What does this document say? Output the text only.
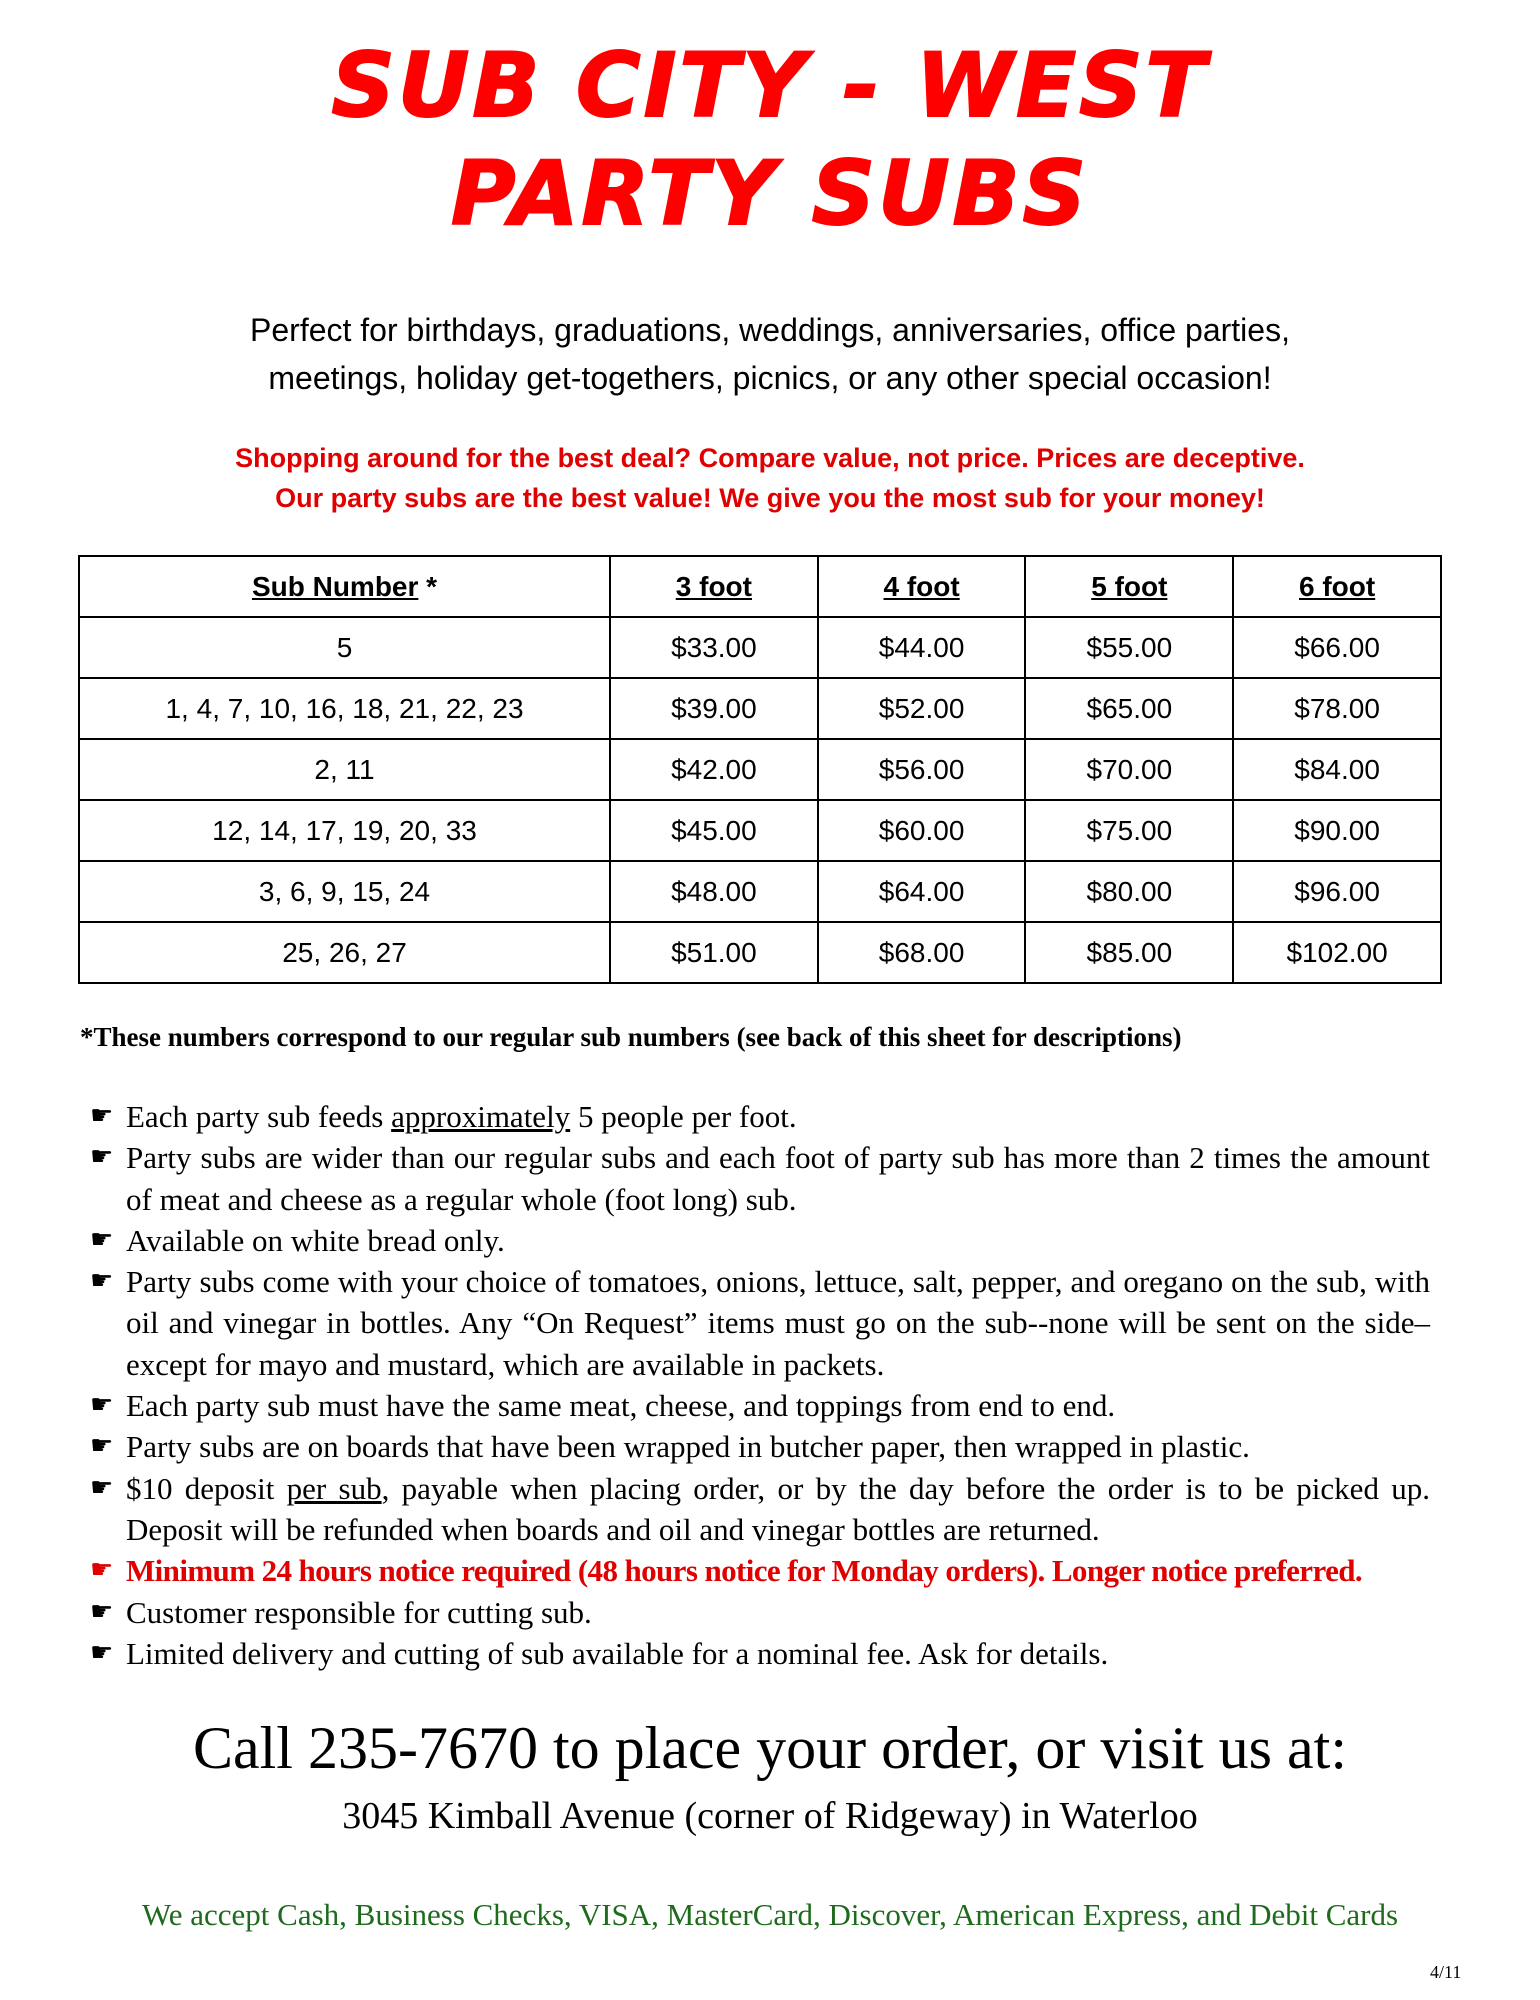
SUB CITY - WEST
PARTY SUBS
Perfect for birthdays, graduations, weddings, anniversaries, office parties,
meetings, holiday get-togethers, picnics, or any other special occasion!
Shopping around for the best deal? Compare value, not price. Prices are deceptive.
Our party subs are the best value! We give you the most sub for your money!
Sub Number *	3 foot	4 foot	5 foot	6 foot
5	$33.00	$44.00	$55.00	$66.00
1, 4, 7, 10, 16, 18, 21, 22, 23	$39.00	$52.00	$65.00	$78.00
2, 11	$42.00	$56.00	$70.00	$84.00
12, 14, 17, 19, 20, 33	$45.00	$60.00	$75.00	$90.00
3, 6, 9, 15, 24	$48.00	$64.00	$80.00	$96.00
25, 26, 27	$51.00	$68.00	$85.00	$102.00
*These numbers correspond to our regular sub numbers (see back of this sheet for descriptions)
☛ Each party sub feeds approximately 5 people per foot.
☛ Party subs are wider than our regular subs and each foot of party sub has more than 2 times the amount of meat and cheese as a regular whole (foot long) sub.
☛ Available on white bread only.
☛ Party subs come with your choice of tomatoes, onions, lettuce, salt, pepper, and oregano on the sub, with oil and vinegar in bottles. Any “On Request” items must go on the sub--none will be sent on the side–except for mayo and mustard, which are available in packets.
☛ Each party sub must have the same meat, cheese, and toppings from end to end.
☛ Party subs are on boards that have been wrapped in butcher paper, then wrapped in plastic.
☛ $10 deposit per sub, payable when placing order, or by the day before the order is to be picked up. Deposit will be refunded when boards and oil and vinegar bottles are returned.
☛ Minimum 24 hours notice required (48 hours notice for Monday orders). Longer notice preferred.
☛ Customer responsible for cutting sub.
☛ Limited delivery and cutting of sub available for a nominal fee. Ask for details.
Call 235-7670 to place your order, or visit us at:
3045 Kimball Avenue (corner of Ridgeway) in Waterloo
We accept Cash, Business Checks, VISA, MasterCard, Discover, American Express, and Debit Cards
4/11
